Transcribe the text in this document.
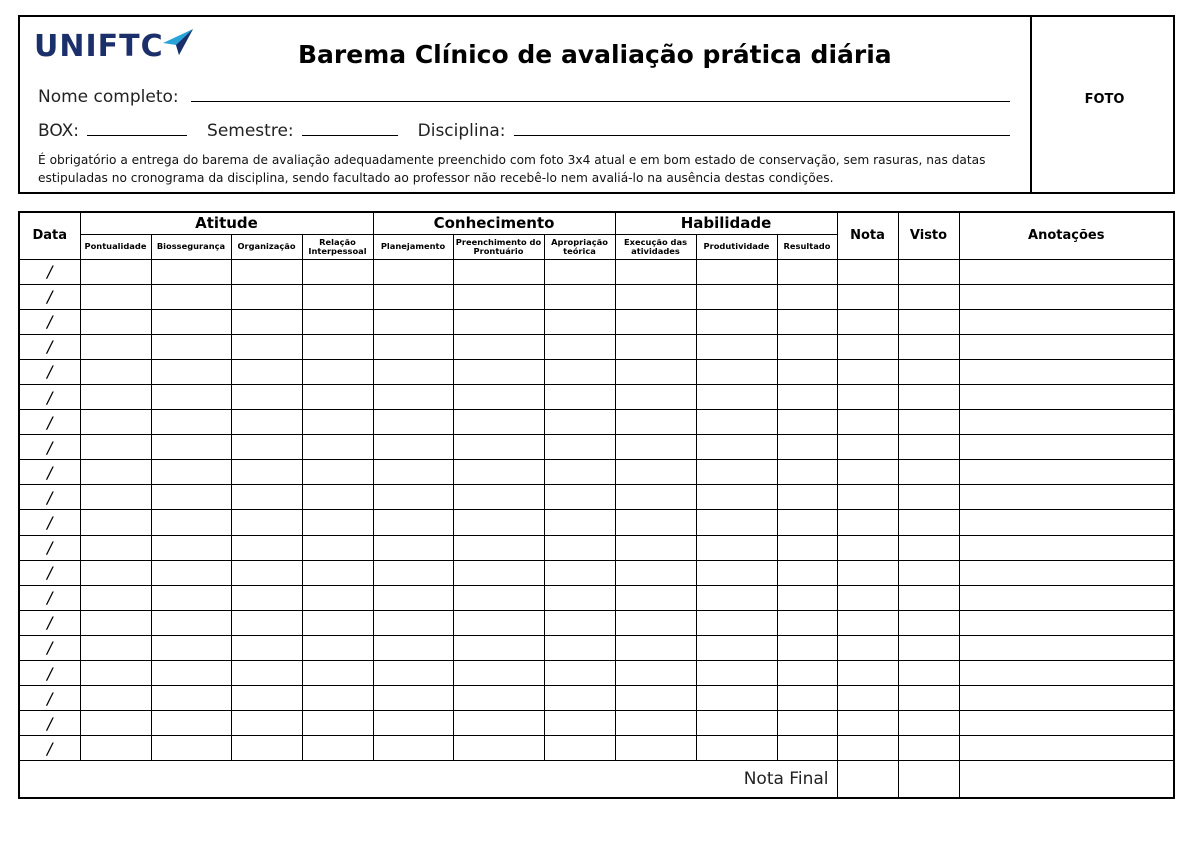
UNIFTC	Barema Clínico de avaliação prática diária
Nome completo:
BOX:	Semestre:	Disciplina:
É obrigatório a entrega do barema de avaliação adequadamente preenchido com foto 3x4 atual e em bom estado de conservação, sem rasuras, nas datas estipuladas no cronograma da disciplina, sendo facultado ao professor não recebê-lo nem avaliá-lo na ausência destas condições.
FOTO
Data	Atitude				Conhecimento			Habilidade			Nota	Visto	Anotações
	Pontualidade	Biossegurança	Organização	Relação Interpessoal	Planejamento	Preenchimento do Prontuário	Apropriação teórica	Execução das atividades	Produtividade	Resultado			
/													
/													
/													
/													
/													
/													
/													
/													
/													
/													
/													
/													
/													
/													
/													
/													
/													
/													
/													
/													
Nota Final													
